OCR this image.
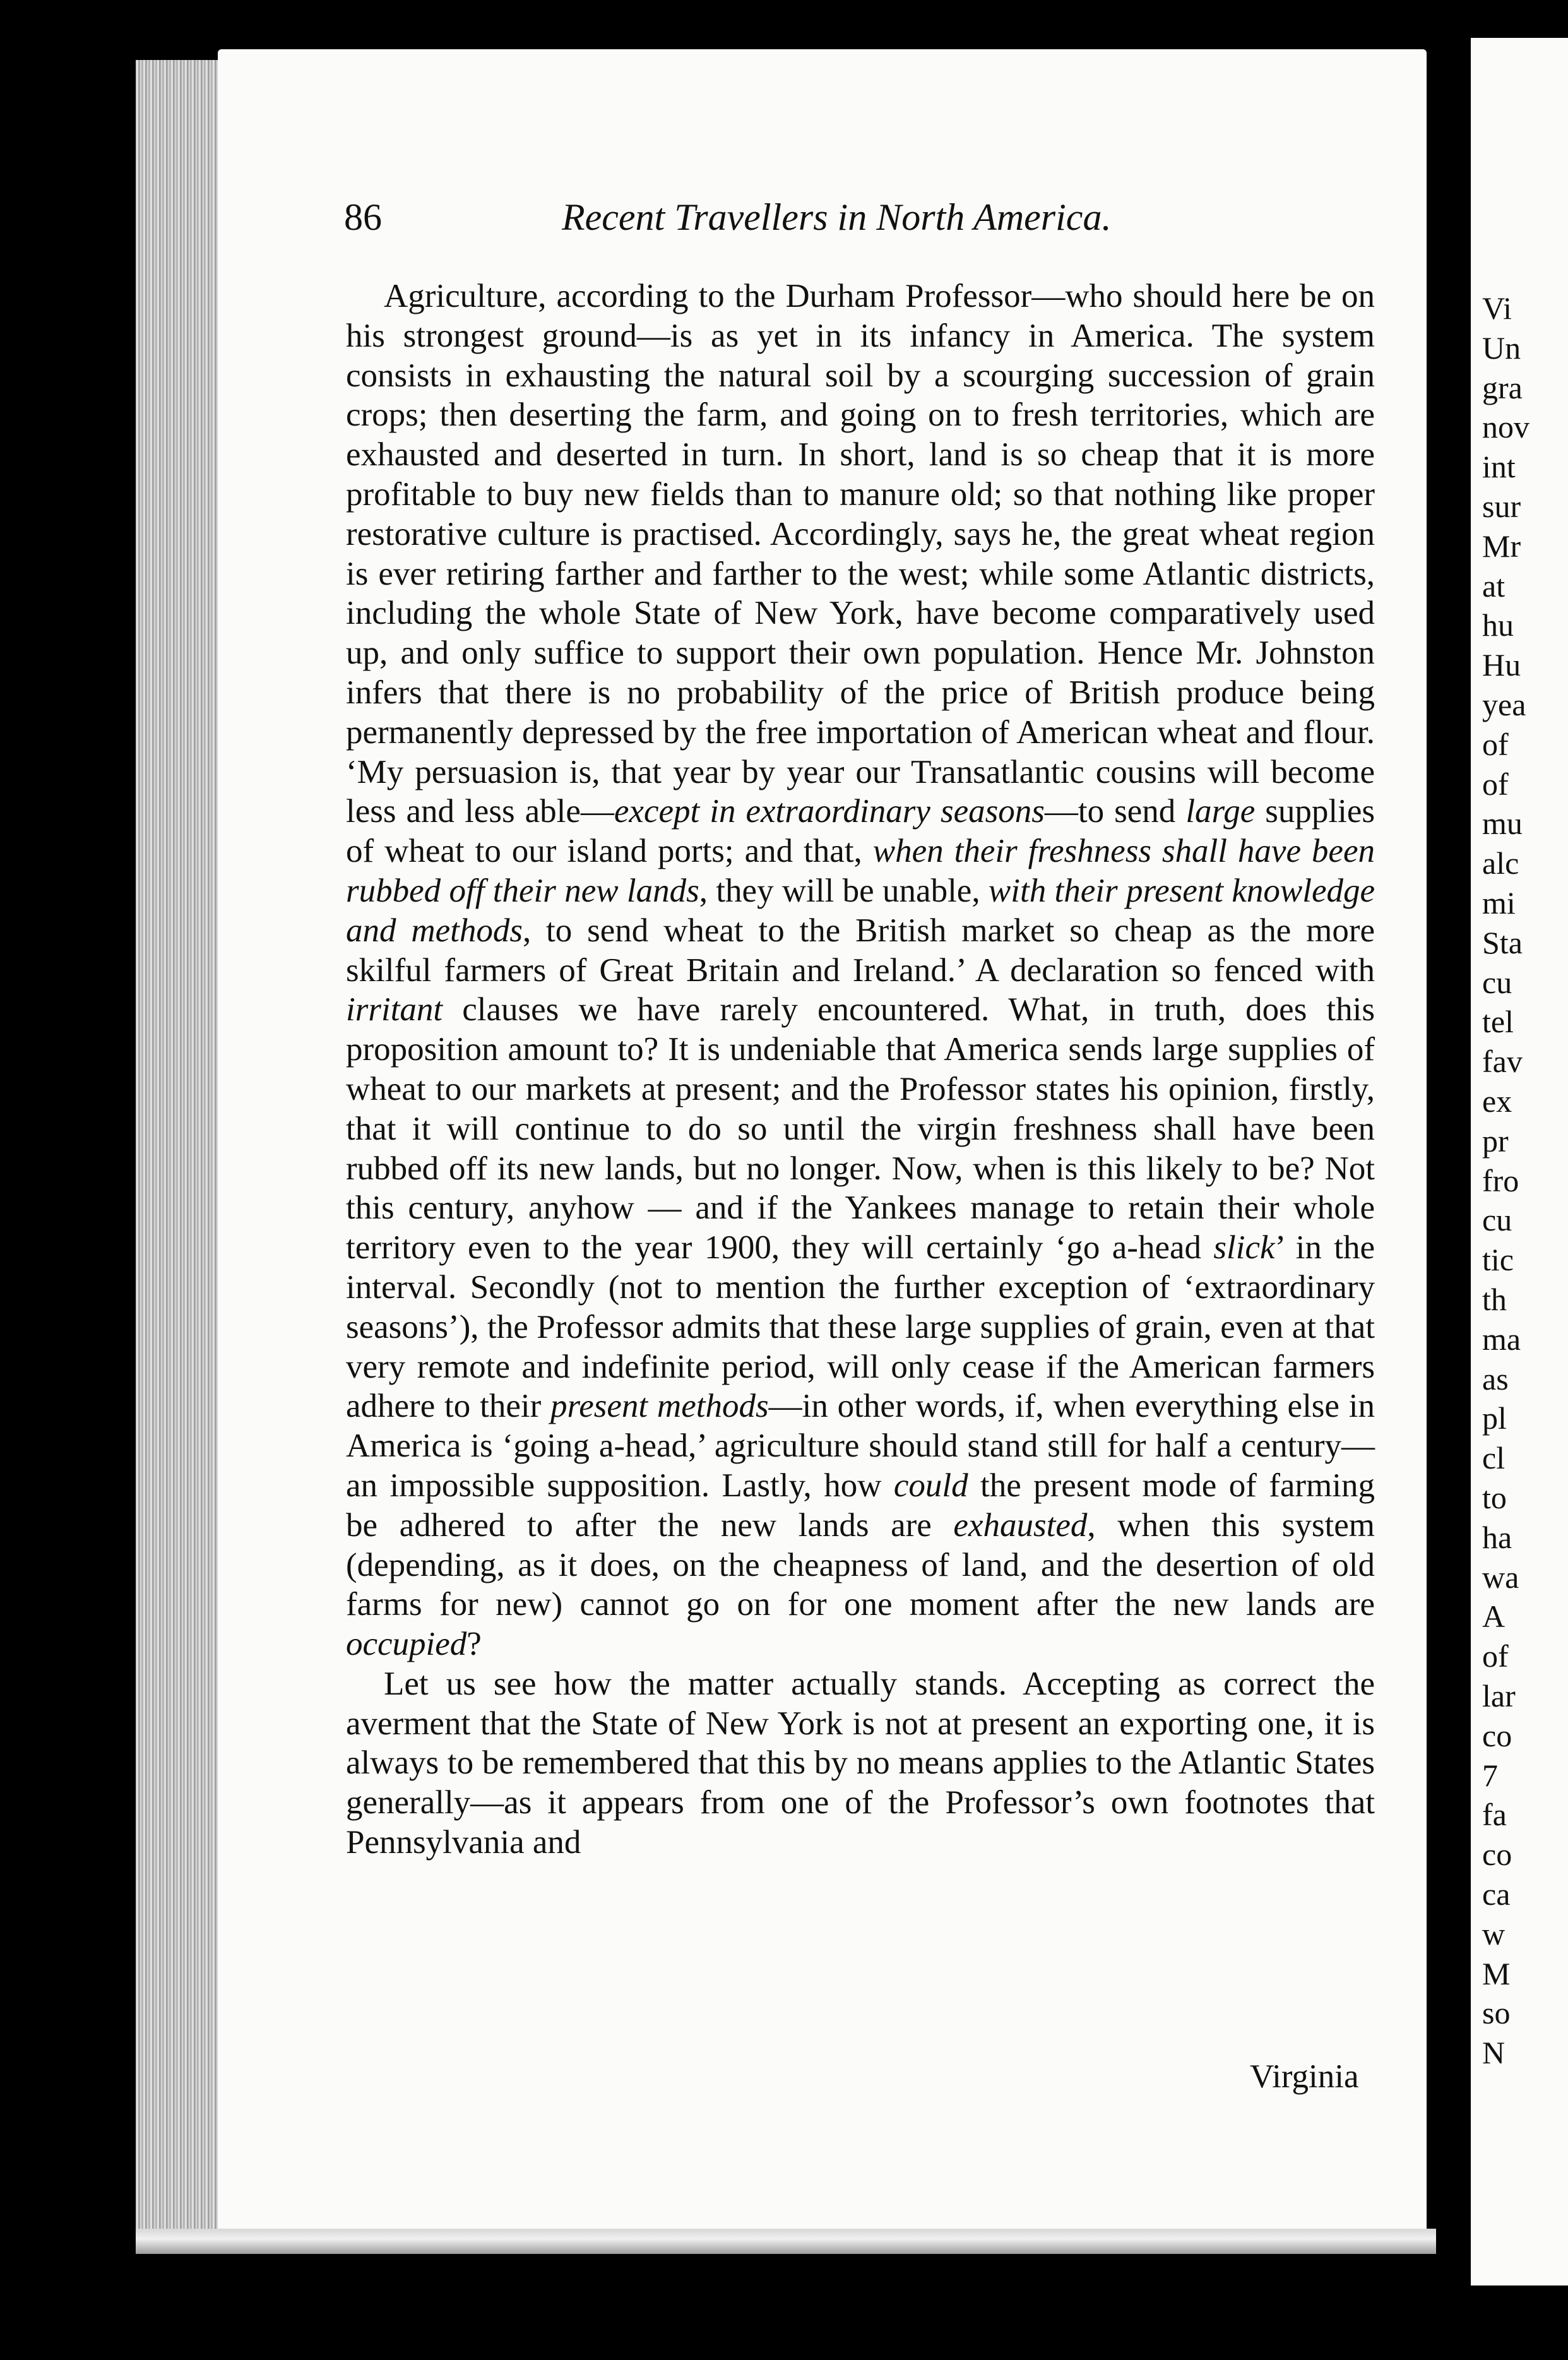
Vi
Un
gra
nov
int
sur
Mr
at
hu
Hu
yea
of
of
mu
alc
mi
Sta
cu
tel
fav
ex
pr
fro
cu
tic
th
ma
as
pl
cl
to
ha
wa
A
of
lar
co
7
fa
co
ca
w
M
so
N
86	Recent Travellers in North America.

Agriculture, according to the Durham Professor—who should here be on his strongest ground—is as yet in its infancy in America. The system consists in exhausting the natural soil by a scourging succession of grain crops; then deserting the farm, and going on to fresh territories, which are exhausted and deserted in turn. In short, land is so cheap that it is more profitable to buy new fields than to manure old; so that nothing like proper restorative culture is practised. Accordingly, says he, the great wheat region is ever retiring farther and farther to the west; while some Atlantic districts, including the whole State of New York, have become comparatively used up, and only suffice to support their own population. Hence Mr. Johnston infers that there is no probability of the price of British produce being permanently depressed by the free importation of American wheat and flour. ‘My persuasion is, that year by year our Transatlantic cousins will become less and less able—except in extraordinary seasons—to send large supplies of wheat to our island ports; and that, when their freshness shall have been rubbed off their new lands, they will be unable, with their present knowledge and methods, to send wheat to the British market so cheap as the more skilful farmers of Great Britain and Ireland.’ A declaration so fenced with irritant clauses we have rarely encountered. What, in truth, does this proposition amount to? It is undeniable that America sends large supplies of wheat to our markets at present; and the Professor states his opinion, firstly, that it will continue to do so until the virgin freshness shall have been rubbed off its new lands, but no longer. Now, when is this likely to be? Not this century, anyhow — and if the Yankees manage to retain their whole territory even to the year 1900, they will certainly ‘go a-head slick’ in the interval. Secondly (not to mention the further exception of ‘extraordinary seasons’), the Professor admits that these large supplies of grain, even at that very remote and indefinite period, will only cease if the American farmers adhere to their present methods—in other words, if, when everything else in America is ‘going a-head,’ agriculture should stand still for half a century—an impossible supposition. Lastly, how could the present mode of farming be adhered to after the new lands are exhausted, when this system (depending, as it does, on the cheapness of land, and the desertion of old farms for new) cannot go on for one moment after the new lands are occupied?

Let us see how the matter actually stands. Accepting as correct the averment that the State of New York is not at present an exporting one, it is always to be remembered that this by no means applies to the Atlantic States generally—as it appears from one of the Professor’s own footnotes that Pennsylvania and

Virginia
